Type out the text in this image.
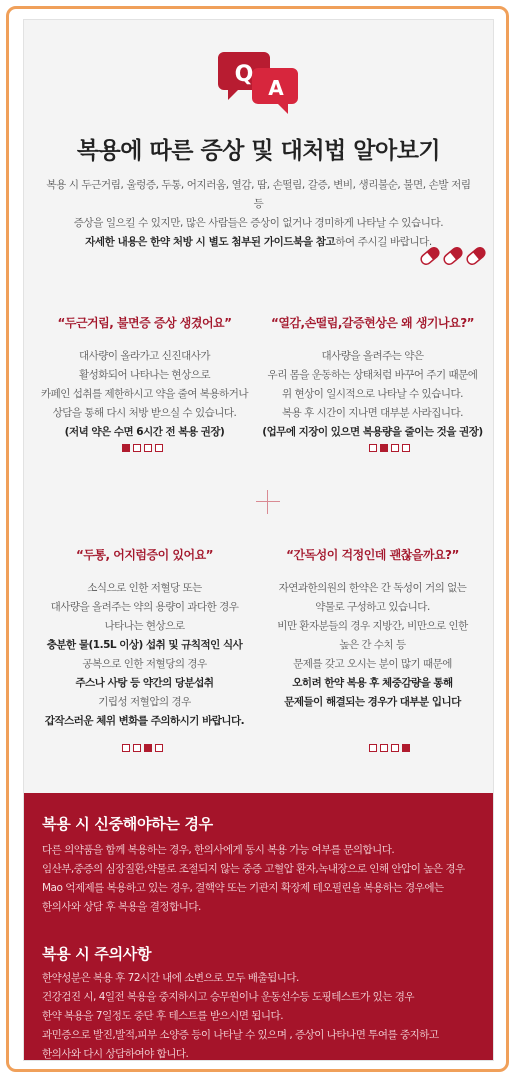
Q
A
복용에 따른 증상 및 대처법 알아보기
복용 시 두근거림, 울렁증, 두통, 어지러움, 열감, 땀, 손떨림, 갈증, 변비, 생리불순, 불면, 손발 저림 등
증상을 일으킬 수 있지만, 많은 사람들은 증상이 없거나 경미하게 나타날 수 있습니다.
자세한 내용은 한약 처방 시 별도 첨부된 가이드북을 참고하여 주시길 바랍니다.
“두근거림, 불면증 증상 생겼어요”

대사량이 올라가고 신진대사가

활성화되어 나타나는 현상으로

카페인 섭취를 제한하시고 약을 줄여 복용하거나

상담을 통해 다시 처방 받으실 수 있습니다.

(저녁 약은 수면 6시간 전 복용 권장)

“열감,손떨림,갈증현상은 왜 생기나요?”

대사량을 올려주는 약은

우리 몸을 운동하는 상태처럼 바꾸어 주기 때문에

위 현상이 일시적으로 나타날 수 있습니다.

복용 후 시간이 지나면 대부분 사라집니다.

(업무에 지장이 있으면 복용량을 줄이는 것을 권장)

“두통, 어지럼증이 있어요”

소식으로 인한 저혈당 또는

대사량을 올려주는 약의 용량이 과다한 경우

나타나는 현상으로

충분한 물(1.5L 이상) 섭취 및 규칙적인 식사

공복으로 인한 저혈당의 경우

주스나 사탕 등 약간의 당분섭취

기립성 저혈압의 경우

갑작스러운 체위 변화를 주의하시기 바랍니다.

“간독성이 걱정인데 괜찮을까요?”

자연과한의원의 한약은 간 독성이 거의 없는

약물로 구성하고 있습니다.

비만 환자분들의 경우 지방간, 비만으로 인한

높은 간 수치 등

문제를 갖고 오시는 분이 많기 때문에

오히려 한약 복용 후 체중감량을 통해

문제들이 해결되는 경우가 대부분 입니다

복용 시 신중해야하는 경우

다른 의약품을 함께 복용하는 경우, 한의사에게 동시 복용 가능 여부를 문의합니다.

임산부,중증의 심장질환,약물로 조절되지 않는 중증 고혈압 환자,녹내장으로 인해 안압이 높은 경우

Mao 억제제를 복용하고 있는 경우, 결핵약 또는 기관지 확장제 테오필린을 복용하는 경우에는

한의사와 상담 후 복용을 결정합니다.

복용 시 주의사항

한약성분은 복용 후 72시간 내에 소변으로 모두 배출됩니다.

건강검진 시, 4일전 복용을 중지하시고 승무원이나 운동선수등 도핑테스트가 있는 경우

한약 복용을 7일정도 중단 후 테스트를 받으시면 됩니다.

과민증으로 발진,발적,피부 소양증 등이 나타날 수 있으며 , 증상이 나타나면 투여를 중지하고

한의사와 다시 상담하여야 합니다.
